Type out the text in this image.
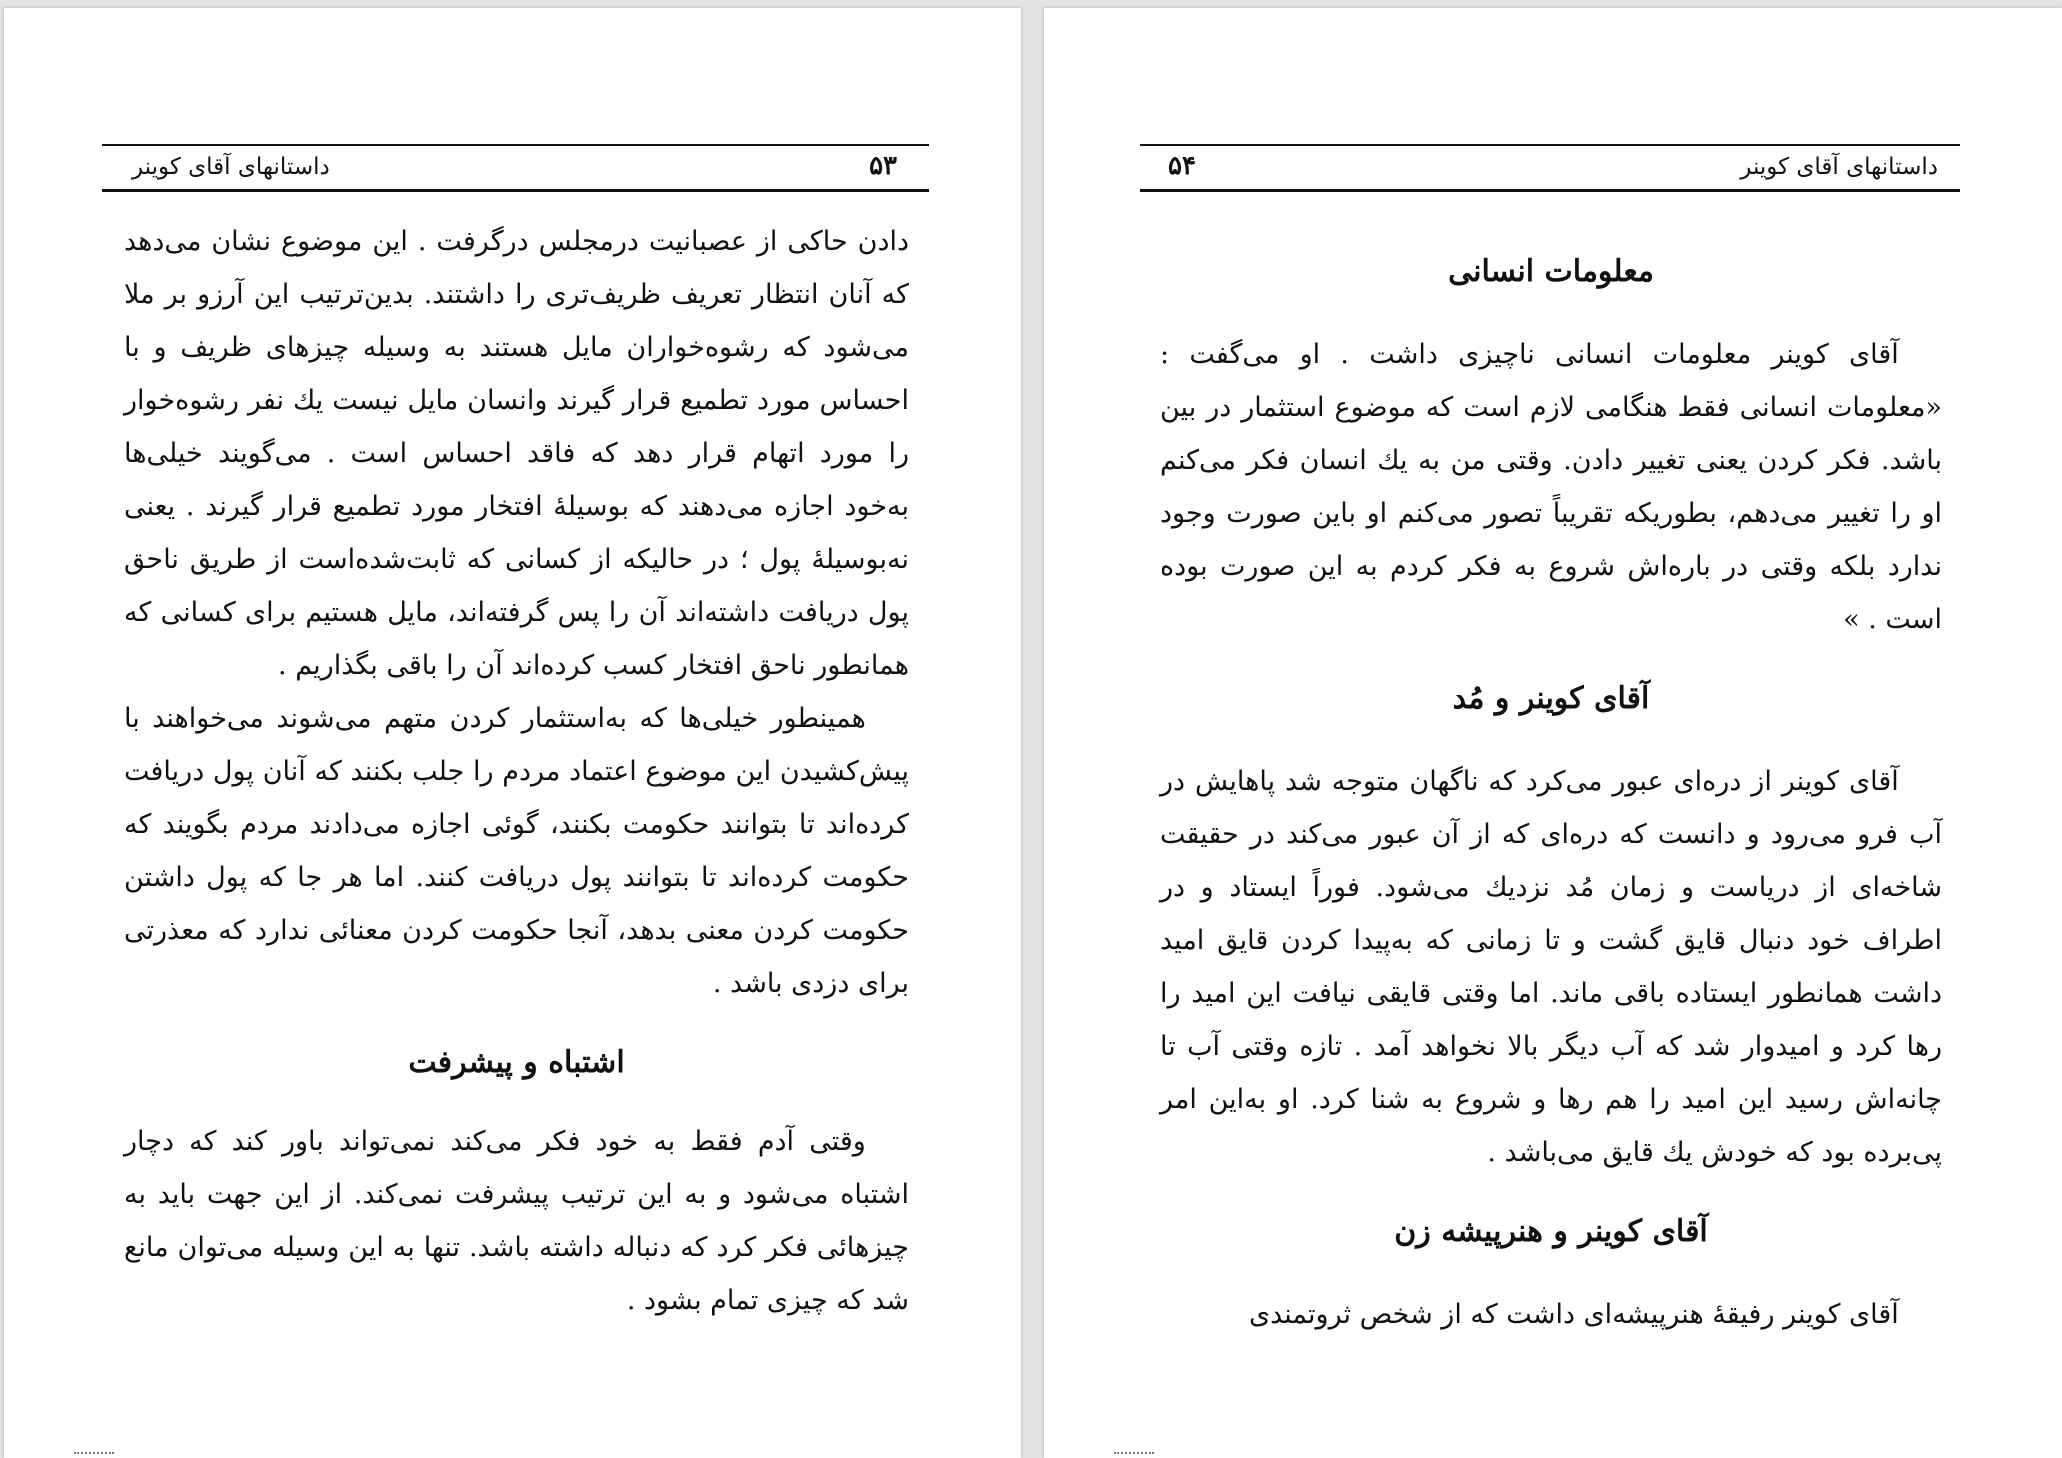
داستانهای آقای کوینر	۵۳

دادن حاکی از عصبانیت درمجلس درگرفت . این موضوع نشان می‌دهد که آنان انتظار تعریف ظریف‌تری را داشتند. بدین‌ترتیب این آرزو بر ملا می‌شود که رشوه‌خواران مایل هستند به وسیله چیزهای ظریف و با احساس مورد تطمیع قرار گیرند وانسان مایل نیست یك نفر رشوه‌خوار را مورد اتهام قرار دهد که فاقد احساس است . می‌گویند خیلی‌ها به‌خود اجازه می‌دهند که بوسیلهٔ افتخار مورد تطمیع قرار گیرند . یعنی نه‌بوسیلهٔ پول ؛ در حالیکه از کسانی که ثابت‌شده‌است از طریق ناحق پول دریافت داشته‌اند آن را پس گرفته‌اند، مایل هستیم برای کسانی که همانطور ناحق افتخار کسب کرده‌اند آن را باقی بگذاریم .

همینطور خیلی‌ها که به‌استثمار کردن متهم می‌شوند می‌خواهند با پیش‌کشیدن این موضوع اعتماد مردم را جلب بکنند که آنان پول دریافت کرده‌اند تا بتوانند حکومت بکنند، گوئی اجازه می‌دادند مردم بگویند که حکومت کرده‌اند تا بتوانند پول دریافت کنند. اما هر جا که پول داشتن حکومت کردن معنی بدهد، آنجا حکومت کردن معنائی ندارد که معذرتی برای دزدی باشد .

اشتباه و پیشرفت

وقتی آدم فقط به خود فکر می‌کند نمی‌تواند باور کند که دچار اشتباه می‌شود و به این ترتیب پیشرفت نمی‌کند. از این جهت باید به چیزهائی فکر کرد که دنباله داشته باشد. تنها به این وسیله می‌توان مانع شد که چیزی تمام بشود .

داستانهای آقای کوینر
۵۴
معلومات انسانی

آقای کوینر معلومات انسانی ناچیزی داشت . او می‌گفت : «معلومات انسانی فقط هنگامی لازم است که موضوع استثمار در بین باشد. فکر کردن یعنی تغییر دادن. وقتی من به یك انسان فکر می‌کنم او را تغییر می‌دهم، بطوریکه تقریباً تصور می‌کنم او باین صورت وجود ندارد بلکه وقتی در باره‌اش شروع به فکر کردم به این صورت بوده است . »

آقای کوینر و مُد

آقای کوینر از دره‌ای عبور می‌کرد که ناگهان متوجه شد پاهایش در آب فرو می‌رود و دانست که دره‌ای که از آن عبور می‌کند در حقیقت شاخه‌ای از دریاست و زمان مُد نزدیك می‌شود. فوراً ایستاد و در اطراف خود دنبال قایق گشت و تا زمانی که به‌پیدا کردن قایق امید داشت همانطور ایستاده باقی ماند. اما وقتی قایقی نیافت این امید را رها کرد و امیدوار شد که آب دیگر بالا نخواهد آمد . تازه وقتی آب تا چانه‌اش رسید این امید را هم رها و شروع به شنا کرد. او به‌این امر پی‌برده بود که خودش یك قایق می‌باشد .

آقای کوینر و هنرپیشه زن

آقای کوینر رفیقهٔ هنرپیشه‌ای داشت که از شخص ثروتمندی
